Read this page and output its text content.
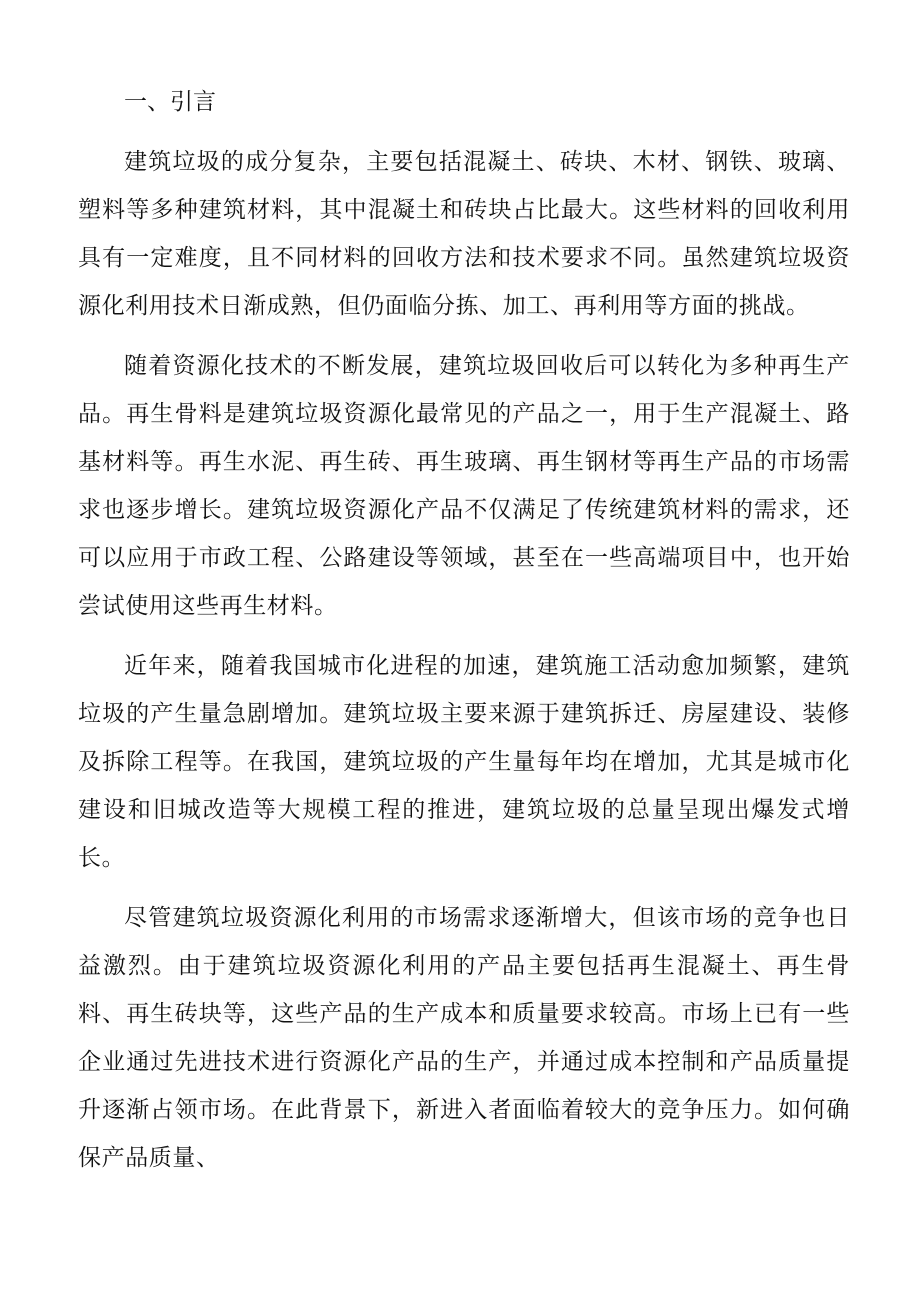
一、引言

建筑垃圾的成分复杂，主要包括混凝土、砖块、木材、钢铁、玻璃、塑料等多种建筑材料，其中混凝土和砖块占比最大。这些材料的回收利用具有一定难度，且不同材料的回收方法和技术要求不同。虽然建筑垃圾资源化利用技术日渐成熟，但仍面临分拣、加工、再利用等方面的挑战。

随着资源化技术的不断发展，建筑垃圾回收后可以转化为多种再生产品。再生骨料是建筑垃圾资源化最常见的产品之一，用于生产混凝土、路基材料等。再生水泥、再生砖、再生玻璃、再生钢材等再生产品的市场需求也逐步增长。建筑垃圾资源化产品不仅满足了传统建筑材料的需求，还可以应用于市政工程、公路建设等领域，甚至在一些高端项目中，也开始尝试使用这些再生材料。

近年来，随着我国城市化进程的加速，建筑施工活动愈加频繁，建筑垃圾的产生量急剧增加。建筑垃圾主要来源于建筑拆迁、房屋建设、装修及拆除工程等。在我国，建筑垃圾的产生量每年均在增加，尤其是城市化建设和旧城改造等大规模工程的推进，建筑垃圾的总量呈现出爆发式增长。

尽管建筑垃圾资源化利用的市场需求逐渐增大，但该市场的竞争也日益激烈。由于建筑垃圾资源化利用的产品主要包括再生混凝土、再生骨料、再生砖块等，这些产品的生产成本和质量要求较高。市场上已有一些企业通过先进技术进行资源化产品的生产，并通过成本控制和产品质量提升逐渐占领市场。在此背景下，新进入者面临着较大的竞争压力。如何确保产品质量、
